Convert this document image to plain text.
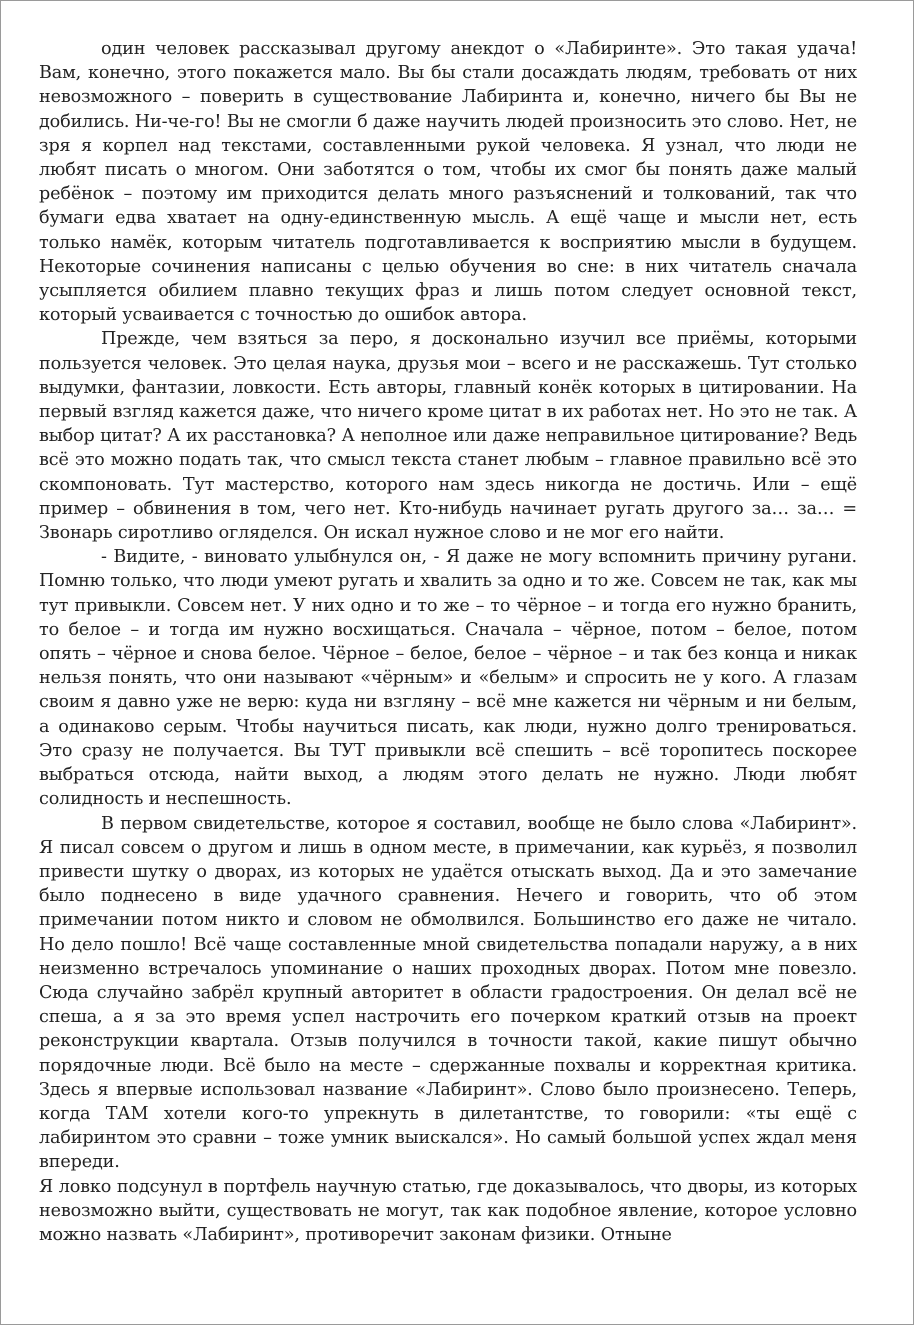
один человек рассказывал другому анекдот о «Лабиринте». Это такая удача! Вам, конечно, этого покажется мало. Вы бы стали досаждать людям, требовать от них невозможного – поверить в существование Лабиринта и, конечно, ничего бы Вы не добились. Ни-че-го! Вы не смогли б даже научить людей произносить это слово. Нет, не зря я корпел над текстами, составленными рукой человека. Я узнал, что люди не любят писать о многом. Они заботятся о том, чтобы их смог бы понять даже малый ребёнок – поэтому им приходится делать много разъяснений и толкований, так что бумаги едва хватает на одну-единственную мысль. А ещё чаще и мысли нет, есть только намёк, которым читатель подготавливается к восприятию мысли в будущем. Некоторые сочинения написаны с целью обучения во сне: в них читатель сначала усыпляется обилием плавно текущих фраз и лишь потом следует основной текст, который усваивается с точностью до ошибок автора.

Прежде, чем взяться за перо, я досконально изучил все приёмы, которыми пользуется человек. Это целая наука, друзья мои – всего и не расскажешь. Тут столько выдумки, фантазии, ловкости. Есть авторы, главный конёк которых в цитировании. На первый взгляд кажется даже, что ничего кроме цитат в их работах нет. Но это не так. А выбор цитат? А их расстановка? А неполное или даже неправильное цитирование? Ведь всё это можно подать так, что смысл текста станет любым – главное правильно всё это скомпоновать. Тут мастерство, которого нам здесь никогда не достичь. Или – ещё пример – обвинения в том, чего нет. Кто-нибудь начинает ругать другого за… за… = Звонарь сиротливо огляделся. Он искал нужное слово и не мог его найти.

- Видите, - виновато улыбнулся он, - Я даже не могу вспомнить причину ругани. Помню только, что люди умеют ругать и хвалить за одно и то же. Совсем не так, как мы тут привыкли. Совсем нет. У них одно и то же – то чёрное – и тогда его нужно бранить, то белое – и тогда им нужно восхищаться. Сначала – чёрное, потом – белое, потом опять – чёрное и снова белое. Чёрное – белое, белое – чёрное – и так без конца и никак нельзя понять, что они называют «чёрным» и «белым» и спросить не у кого. А глазам своим я давно уже не верю: куда ни взгляну – всё мне кажется ни чёрным и ни белым, а одинаково серым. Чтобы научиться писать, как люди, нужно долго тренироваться. Это сразу не получается. Вы ТУТ привыкли всё спешить – всё торопитесь поскорее выбраться отсюда, найти выход, а людям этого делать не нужно. Люди любят солидность и неспешность.

В первом свидетельстве, которое я составил, вообще не было слова «Лабиринт». Я писал совсем о другом и лишь в одном месте, в примечании, как курьёз, я позволил привести шутку о дворах, из которых не удаётся отыскать выход. Да и это замечание было поднесено в виде удачного сравнения. Нечего и говорить, что об этом примечании потом никто и словом не обмолвился. Большинство его даже не читало. Но дело пошло! Всё чаще составленные мной свидетельства попадали наружу, а в них неизменно встречалось упоминание о наших проходных дворах. Потом мне повезло. Сюда случайно забрёл крупный авторитет в области градостроения. Он делал всё не спеша, а я за это время успел настрочить его почерком краткий отзыв на проект реконструкции квартала. Отзыв получился в точности такой, какие пишут обычно порядочные люди. Всё было на месте – сдержанные похвалы и корректная критика. Здесь я впервые использовал название «Лабиринт». Слово было произнесено. Теперь, когда ТАМ хотели кого-то упрекнуть в дилетантстве, то говорили: «ты ещё с лабиринтом это сравни – тоже умник выискался». Но самый большой успех ждал меня впереди.

Я ловко подсунул в портфель научную статью, где доказывалось, что дворы, из которых невозможно выйти, существовать не могут, так как подобное явление, которое условно можно назвать «Лабиринт», противоречит законам физики. Отныне
